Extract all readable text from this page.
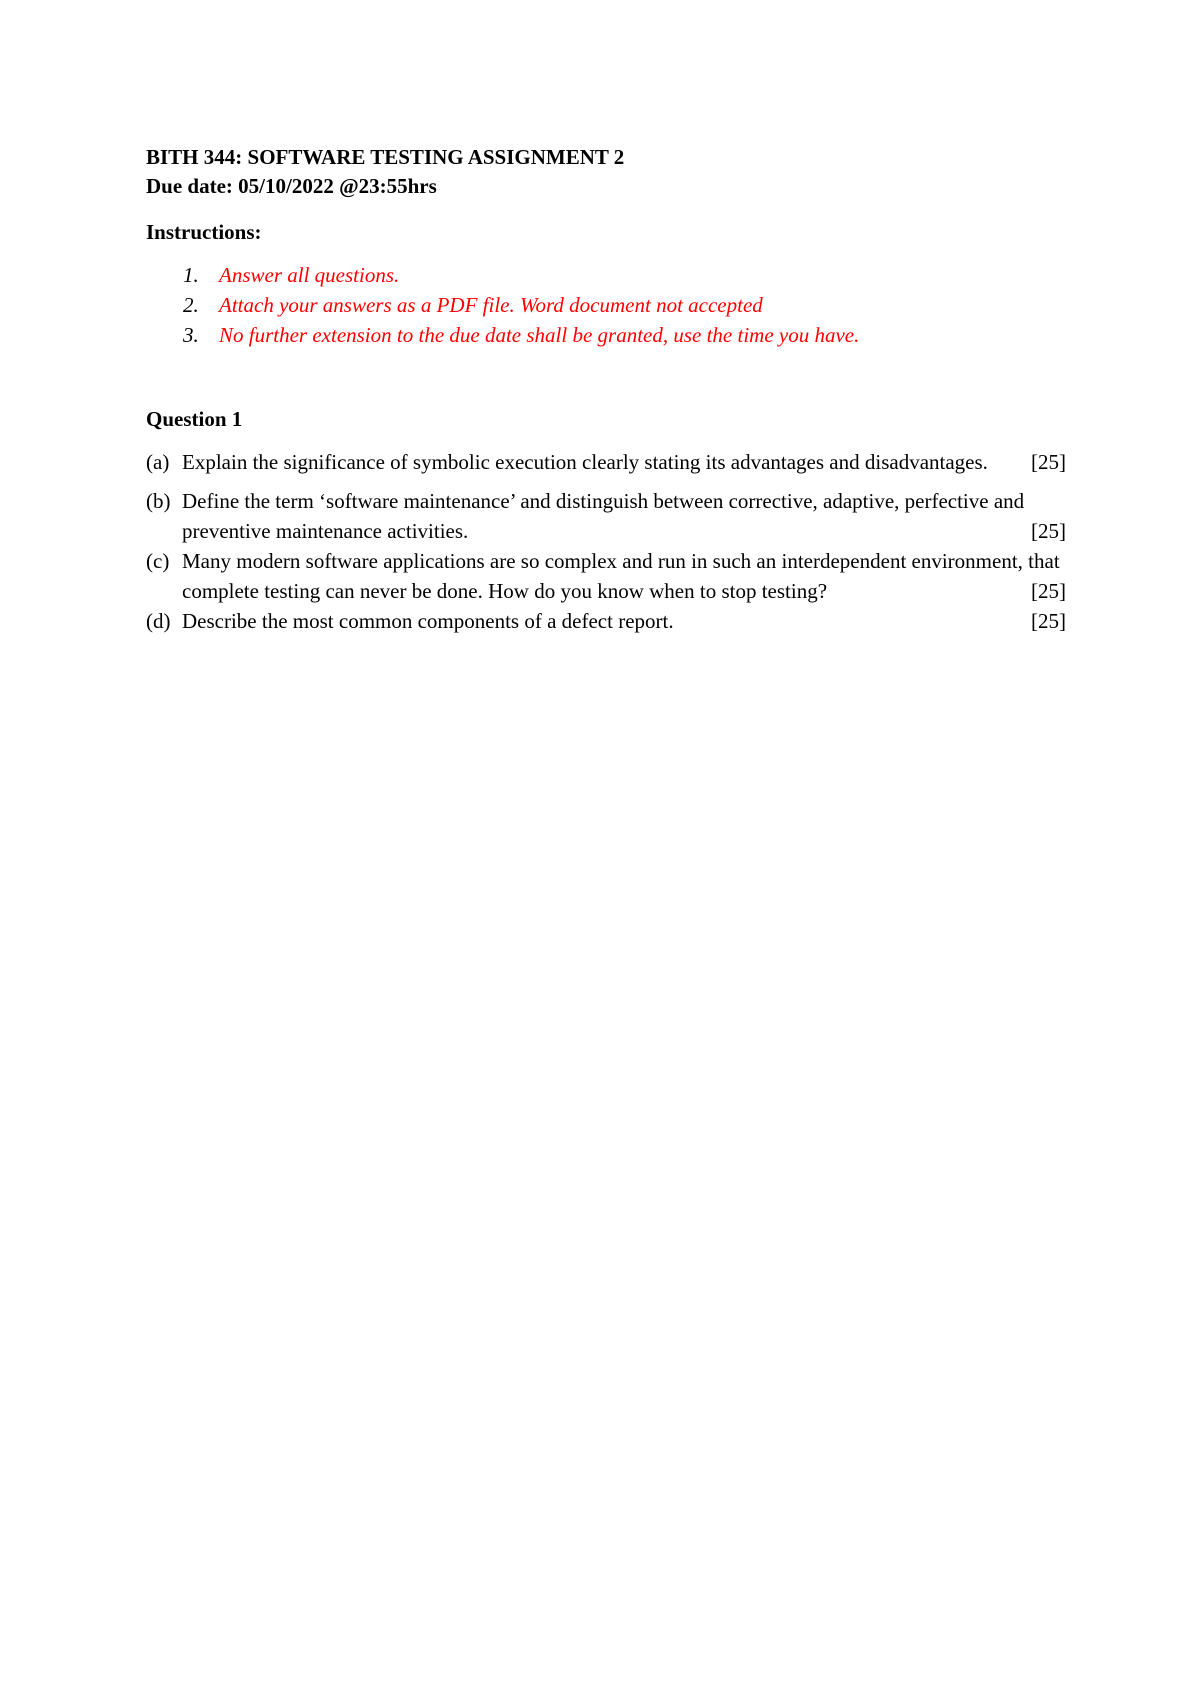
BITH 344: SOFTWARE TESTING ASSIGNMENT 2
Due date: 05/10/2022 @23:55hrs
Instructions:
1. Answer all questions.
2. Attach your answers as a PDF file. Word document not accepted
3. No further extension to the due date shall be granted, use the time you have.
Question 1
(a) Explain the significance of symbolic execution clearly stating its advantages and disadvantages. [25]
(b) Define the term ‘software maintenance’ and distinguish between corrective, adaptive, perfective and preventive maintenance activities.	[25]
(c) Many modern software applications are so complex and run in such an interdependent environment, that complete testing can never be done. How do you know when to stop testing?	[25]
(d) Describe the most common components of a defect report.	[25]
